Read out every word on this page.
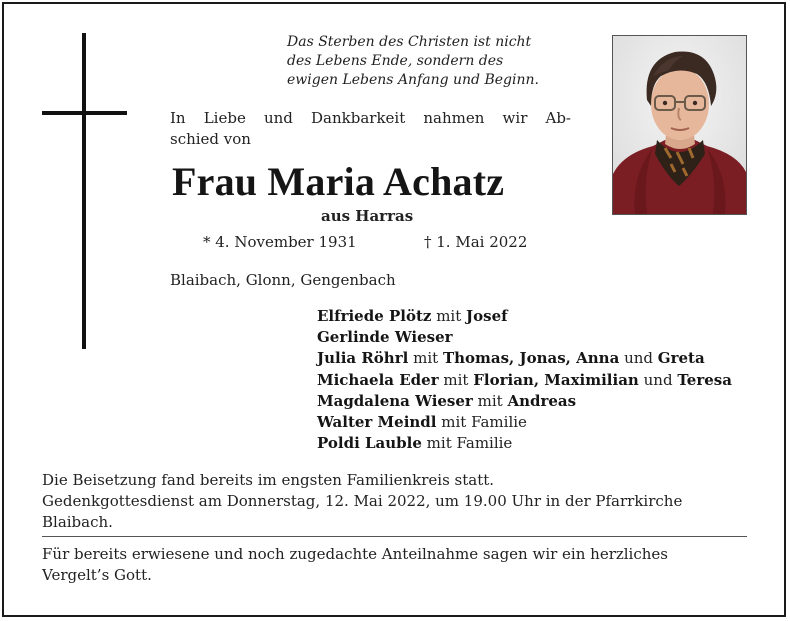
Das Sterben des Christen ist nicht
des Lebens Ende, sondern des
ewigen Lebens Anfang und Beginn.
In Liebe und Dankbarkeit nahmen wir Ab-
schied von
Frau Maria Achatz
aus Harras
* 4. November 1931	† 1. Mai 2022
Blaibach, Glonn, Gengenbach
Elfriede Plötz mit Josef
Gerlinde Wieser
Julia Röhrl mit Thomas, Jonas, Anna und Greta
Michaela Eder mit Florian, Maximilian und Teresa
Magdalena Wieser mit Andreas
Walter Meindl mit Familie
Poldi Lauble mit Familie
Die Beisetzung fand bereits im engsten Familienkreis statt.
Gedenkgottesdienst am Donnerstag, 12. Mai 2022, um 19.00 Uhr in der Pfarrkirche
Blaibach.
Für bereits erwiesene und noch zugedachte Anteilnahme sagen wir ein herzliches
Vergelt’s Gott.
